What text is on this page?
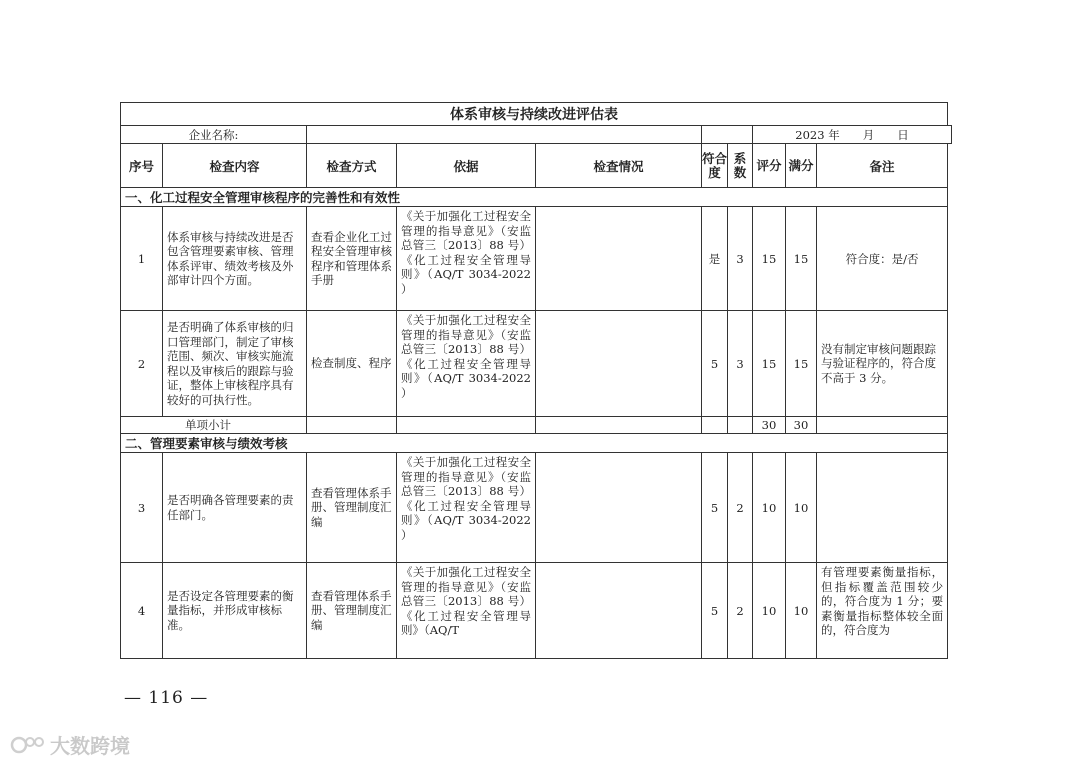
体系审核与持续改进评估表									
企业名称:							2023 年　　月　　日		
序号	检查内容	检查方式	依据	检查情况	符合度	系数	评分	满分	备注
一、化工过程安全管理审核程序的完善性和有效性									
1	体系审核与持续改进是否包含管理要素审核、管理体系评审、绩效考核及外部审计四个方面。	查看企业化工过程安全管理审核程序和管理体系手册	《关于加强化工过程安全管理的指导意见》（安监总管三〔2013〕88 号）《化工过程安全管理导则》（AQ/T 3034-2022 ）		是	3	15	15	符合度：是/否
2	是否明确了体系审核的归口管理部门，制定了审核范围、频次、审核实施流程以及审核后的跟踪与验证，整体上审核程序具有较好的可执行性。	检查制度、程序	《关于加强化工过程安全管理的指导意见》（安监总管三〔2013〕88 号）《化工过程安全管理导则》（AQ/T 3034-2022 ）		5	3	15	15	没有制定审核问题跟踪与验证程序的，符合度不高于 3 分。
单项小计							30	30	
二、管理要素审核与绩效考核									
3	是否明确各管理要素的责任部门。	查看管理体系手册、管理制度汇编	《关于加强化工过程安全管理的指导意见》（安监总管三〔2013〕88 号）《化工过程安全管理导则》（AQ/T 3034-2022 ）		5	2	10	10	
4	是否设定各管理要素的衡量指标，并形成审核标准。	查看管理体系手册、管理制度汇编	《关于加强化工过程安全管理的指导意见》（安监总管三〔2013〕88 号）《化工过程安全管理导则》（AQ/T		5	2	10	10	有管理要素衡量指标，但指标覆盖范围较少的，符合度为 1 分；要素衡量指标整体较全面的，符合度为
— 116 —
大数跨境
